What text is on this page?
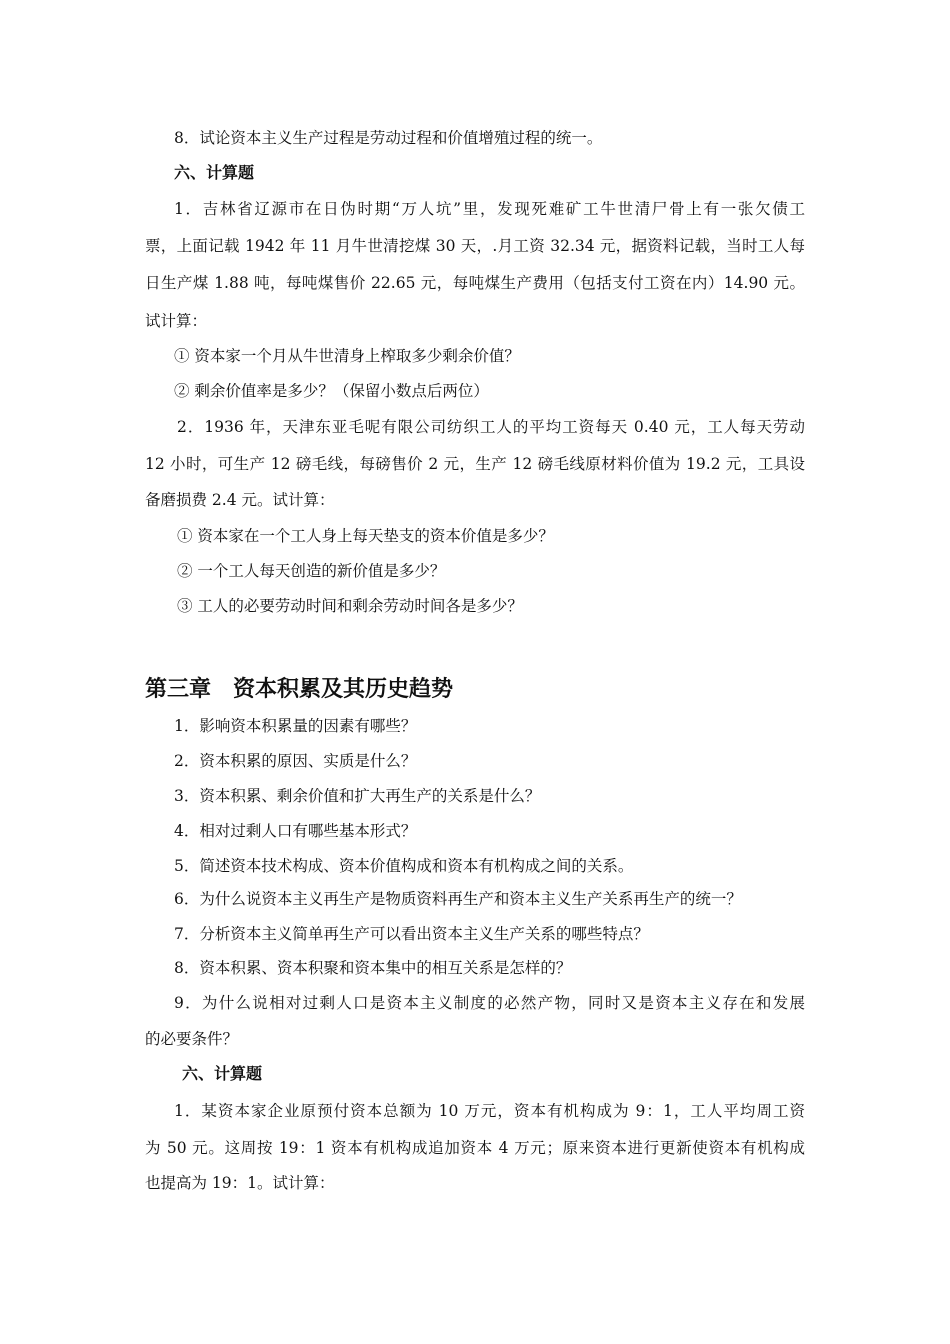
8．试论资本主义生产过程是劳动过程和价值增殖过程的统一。
六、计算题
1．吉林省辽源市在日伪时期“万人坑”里，发现死难矿工牛世清尸骨上有一张欠债工
票，上面记载 1942 年 11 月牛世清挖煤 30 天，.月工资 32.34 元，据资料记载，当时工人每
日生产煤 1.88 吨，每吨煤售价 22.65 元，每吨煤生产费用（包括支付工资在内）14.90 元。
试计算：
① 资本家一个月从牛世清身上榨取多少剩余价值？
② 剩余价值率是多少？（保留小数点后两位）
2．1936 年，天津东亚毛呢有限公司纺织工人的平均工资每天 0.40 元，工人每天劳动
12 小时，可生产 12 磅毛线，每磅售价 2 元，生产 12 磅毛线原材料价值为 19.2 元，工具设
备磨损费 2.4 元。试计算：
① 资本家在一个工人身上每天垫支的资本价值是多少？
② 一个工人每天创造的新价值是多少？
③ 工人的必要劳动时间和剩余劳动时间各是多少？
第三章　资本积累及其历史趋势
1．影响资本积累量的因素有哪些？
2．资本积累的原因、实质是什么？
3．资本积累、剩余价值和扩大再生产的关系是什么？
4．相对过剩人口有哪些基本形式？
5．简述资本技术构成、资本价值构成和资本有机构成之间的关系。
6．为什么说资本主义再生产是物质资料再生产和资本主义生产关系再生产的统一？
7．分析资本主义简单再生产可以看出资本主义生产关系的哪些特点？
8．资本积累、资本积聚和资本集中的相互关系是怎样的？
9．为什么说相对过剩人口是资本主义制度的必然产物，同时又是资本主义存在和发展
的必要条件？
六、计算题
1．某资本家企业原预付资本总额为 10 万元，资本有机构成为 9：1，工人平均周工资
为 50 元。这周按 19：1 资本有机构成追加资本 4 万元；原来资本进行更新使资本有机构成
也提高为 19：1。试计算：
